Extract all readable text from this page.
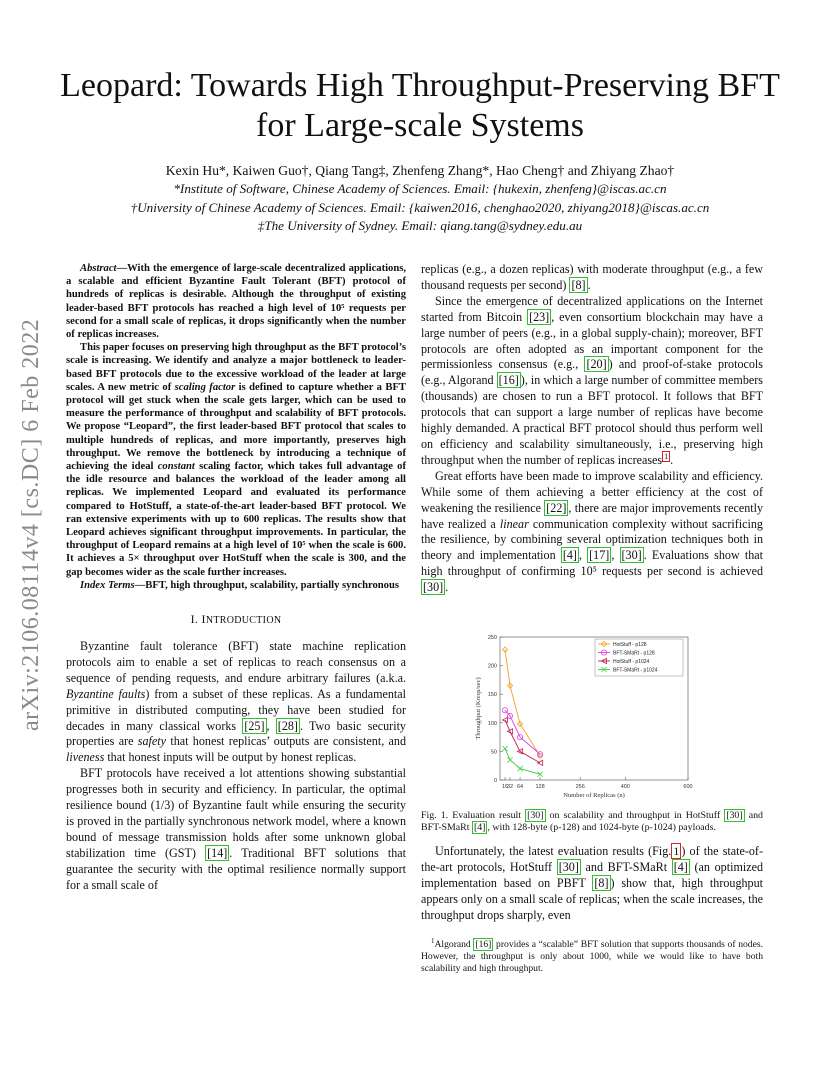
arXiv:2106.08114v4 [cs.DC] 6 Feb 2022
Leopard: Towards High Throughput-Preserving BFT
for Large-scale Systems
Kexin Hu*, Kaiwen Guo†, Qiang Tang‡, Zhenfeng Zhang*, Hao Cheng† and Zhiyang Zhao†
*Institute of Software, Chinese Academy of Sciences. Email: {hukexin, zhenfeng}@iscas.ac.cn
†University of Chinese Academy of Sciences. Email: {kaiwen2016, chenghao2020, zhiyang2018}@iscas.ac.cn
‡The University of Sydney. Email: qiang.tang@sydney.edu.au

Abstract—With the emergence of large-scale decentralized applications, a scalable and efficient Byzantine Fault Tolerant (BFT) protocol of hundreds of replicas is desirable. Although the throughput of existing leader-based BFT protocols has reached a high level of 10⁵ requests per second for a small scale of replicas, it drops significantly when the number of replicas increases.

This paper focuses on preserving high throughput as the BFT protocol’s scale is increasing. We identify and analyze a major bottleneck to leader-based BFT protocols due to the excessive workload of the leader at large scales. A new metric of scaling factor is defined to capture whether a BFT protocol will get stuck when the scale gets larger, which can be used to measure the performance of throughput and scalability of BFT protocols. We propose “Leopard”, the first leader-based BFT protocol that scales to multiple hundreds of replicas, and more importantly, preserves high throughput. We remove the bottleneck by introducing a technique of achieving the ideal constant scaling factor, which takes full advantage of the idle resource and balances the workload of the leader among all replicas. We implemented Leopard and evaluated its performance compared to HotStuff, a state-of-the-art leader-based BFT protocol. We ran extensive experiments with up to 600 replicas. The results show that Leopard achieves significant throughput improvements. In particular, the throughput of Leopard remains at a high level of 10⁵ when the scale is 600. It achieves a 5× throughput over HotStuff when the scale is 300, and the gap becomes wider as the scale further increases.

Index Terms—BFT, high throughput, scalability, partially synchronous

I. INTRODUCTION

Byzantine fault tolerance (BFT) state machine replication protocols aim to enable a set of replicas to reach consensus on a sequence of pending requests, and endure arbitrary failures (a.k.a. Byzantine faults) from a subset of these replicas. As a fundamental primitive in distributed computing, they have been studied for decades in many classical works [25] , [28] . Two basic security properties are safety that honest replicas’ outputs are consistent, and liveness that honest inputs will be output by honest replicas.

BFT protocols have received a lot attentions showing substantial progresses both in security and efficiency. In particular, the optimal resilience bound (1/3) of Byzantine fault while ensuring the security is proved in the partially synchronous network model, where a known bound of message transmission holds after some unknown global stabilization time (GST) [14] . Traditional BFT solutions that guarantee the security with the optimal resilience normally support for a small scale of

replicas (e.g., a dozen replicas) with moderate throughput (e.g., a few thousand requests per second) [8] .

Since the emergence of decentralized applications on the Internet started from Bitcoin [23] , even consortium blockchain may have a large number of peers (e.g., in a global supply-chain); moreover, BFT protocols are often adopted as an important component for the permissionless consensus (e.g., [20] ) and proof-of-stake protocols (e.g., Algorand [16] ), in which a large number of committee members (thousands) are chosen to run a BFT protocol. It follows that BFT protocols that can support a large number of replicas have become highly demanded. A practical BFT protocol should thus perform well on efficiency and scalability simultaneously, i.e., preserving high throughput when the number of replicas increases $^1$ .

Great efforts have been made to improve scalability and efficiency. While some of them achieving a better efficiency at the cost of weakening the resilience [22] , there are major improvements recently have realized a linear communication complexity without sacrificing the resilience, by combining several optimization techniques both in theory and implementation [4] , [17] , [30] . Evaluations show that high throughput of confirming 10⁵ requests per second is achieved [30] .

0
50
100
150
200
250
16
32 64 128	256	400	600
Number of Replicas (n)
Throughput (Kreqs/sec)
HotStuff - p128
BFT-SMaRt - p128
HotStuff - p1024
BFT-SMaRt - p1024
Fig. 1. Evaluation result [30] on scalability and throughput in HotStuff [30] and BFT-SMaRt [4] , with 128-byte (p-128) and 1024-byte (p-1024) payloads.

Unfortunately, the latest evaluation results (Fig. 1 ) of the state-of-the-art protocols, HotStuff [30] and BFT-SMaRt [4] (an optimized implementation based on PBFT [8] ) show that, high throughput appears only on a small scale of replicas; when the scale increases, the throughput drops sharply, even

$^1$Algorand [16] provides a “scalable” BFT solution that supports thousands of nodes. However, the throughput is only about 1000, while we would like to have both scalability and high throughput.
